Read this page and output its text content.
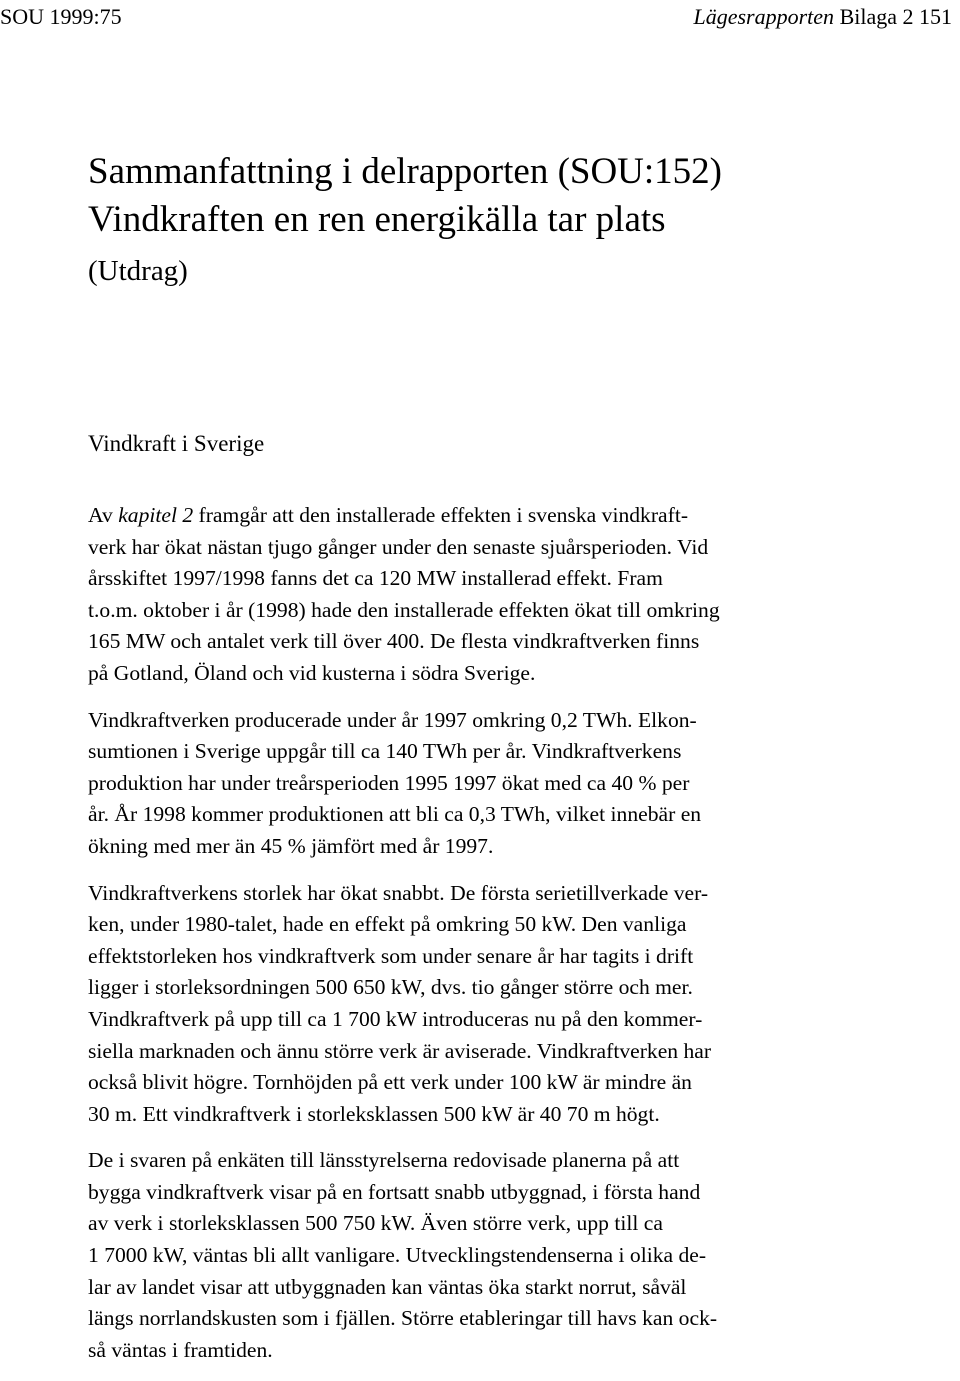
SOU 1999:75	Lägesrapporten Bilaga 2 151
Sammanfattning i delrapporten (SOU:152)
Vindkraften en ren energikälla tar plats
(Utdrag)
Vindkraft i Sverige

Av kapitel 2 framgår att den installerade effekten i svenska vindkraft-
verk har ökat nästan tjugo gånger under den senaste sjuårsperioden. Vid
årsskiftet 1997/1998 fanns det ca 120 MW installerad effekt. Fram
t.o.m. oktober i år (1998) hade den installerade effekten ökat till omkring
165 MW och antalet verk till över 400. De flesta vindkraftverken finns
på Gotland, Öland och vid kusterna i södra Sverige.

Vindkraftverken producerade under år 1997 omkring 0,2 TWh. Elkon-
sumtionen i Sverige uppgår till ca 140 TWh per år. Vindkraftverkens
produktion har under treårsperioden 1995 1997 ökat med ca 40 % per
år. År 1998 kommer produktionen att bli ca 0,3 TWh, vilket innebär en
ökning med mer än 45 % jämfört med år 1997.

Vindkraftverkens storlek har ökat snabbt. De första serietillverkade ver-
ken, under 1980-talet, hade en effekt på omkring 50 kW. Den vanliga
effektstorleken hos vindkraftverk som under senare år har tagits i drift
ligger i storleksordningen 500 650 kW, dvs. tio gånger större och mer.
Vindkraftverk på upp till ca 1 700 kW introduceras nu på den kommer-
siella marknaden och ännu större verk är aviserade. Vindkraftverken har
också blivit högre. Tornhöjden på ett verk under 100 kW är mindre än
30 m. Ett vindkraftverk i storleksklassen 500 kW är 40 70 m högt.

De i svaren på enkäten till länsstyrelserna redovisade planerna på att
bygga vindkraftverk visar på en fortsatt snabb utbyggnad, i första hand
av verk i storleksklassen 500 750 kW. Även större verk, upp till ca
1 7000 kW, väntas bli allt vanligare. Utvecklingstendenserna i olika de-
lar av landet visar att utbyggnaden kan väntas öka starkt norrut, såväl
längs norrlandskusten som i fjällen. Större etableringar till havs kan ock-
så väntas i framtiden.
